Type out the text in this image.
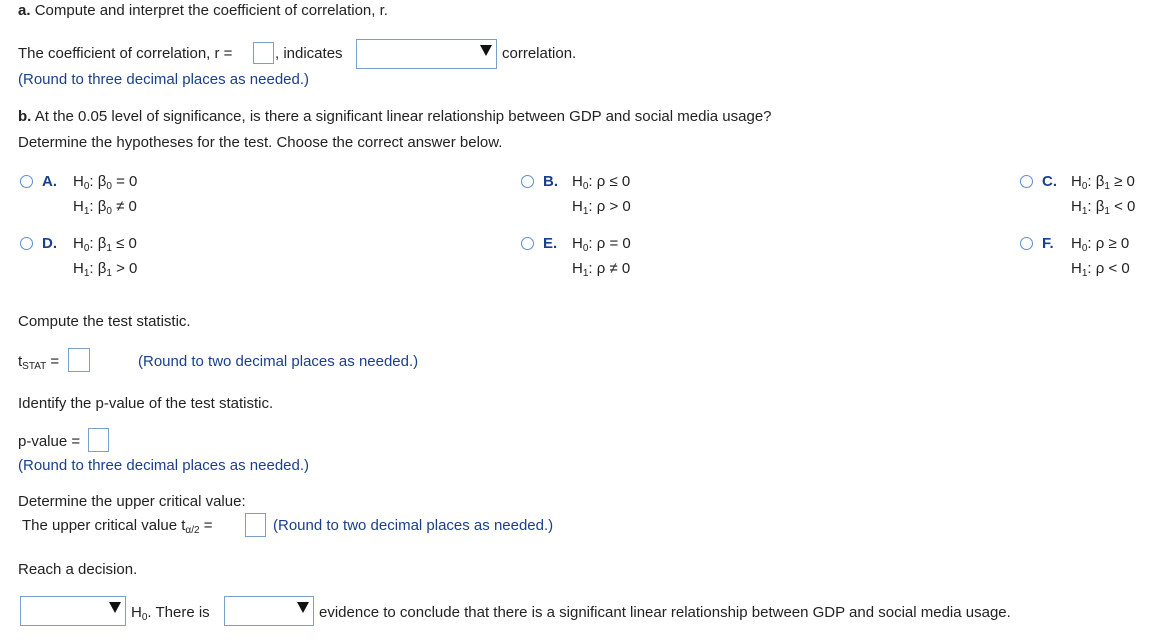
a. Compute and interpret the coefficient of correlation, r.
The coefficient of correlation, r =	, indicates	correlation.
(Round to three decimal places as needed.)
b. At the 0.05 level of significance, is there a significant linear relationship between GDP and social media usage?
Determine the hypotheses for the test. Choose the correct answer below.
A. $H_0$: $\beta_0 = 0$
$H_1$: $\beta_0 \ne 0$
B. $H_0$: ρ ≤ 0
$H_1$: ρ > 0
C. $H_0$: $\beta_1 \ge 0$
$H_1$: $\beta_1 < 0$
D. $H_0$: $\beta_1 \le 0$
$H_1$: $\beta_1 > 0$
E. $H_0$: ρ = 0
$H_1$: ρ ≠ 0
F. $H_0$: ρ ≥ 0
$H_1$: ρ < 0
Compute the test statistic.
$t_{STAT}$ =	(Round to two decimal places as needed.)
Identify the p-value of the test statistic.
p-value =
(Round to three decimal places as needed.)
Determine the upper critical value:
The upper critical value $t_{\alpha/2}$ =	(Round to two decimal places as needed.)
Reach a decision.
$H_0$. There is	evidence to conclude that there is a significant linear relationship between GDP and social media usage.
